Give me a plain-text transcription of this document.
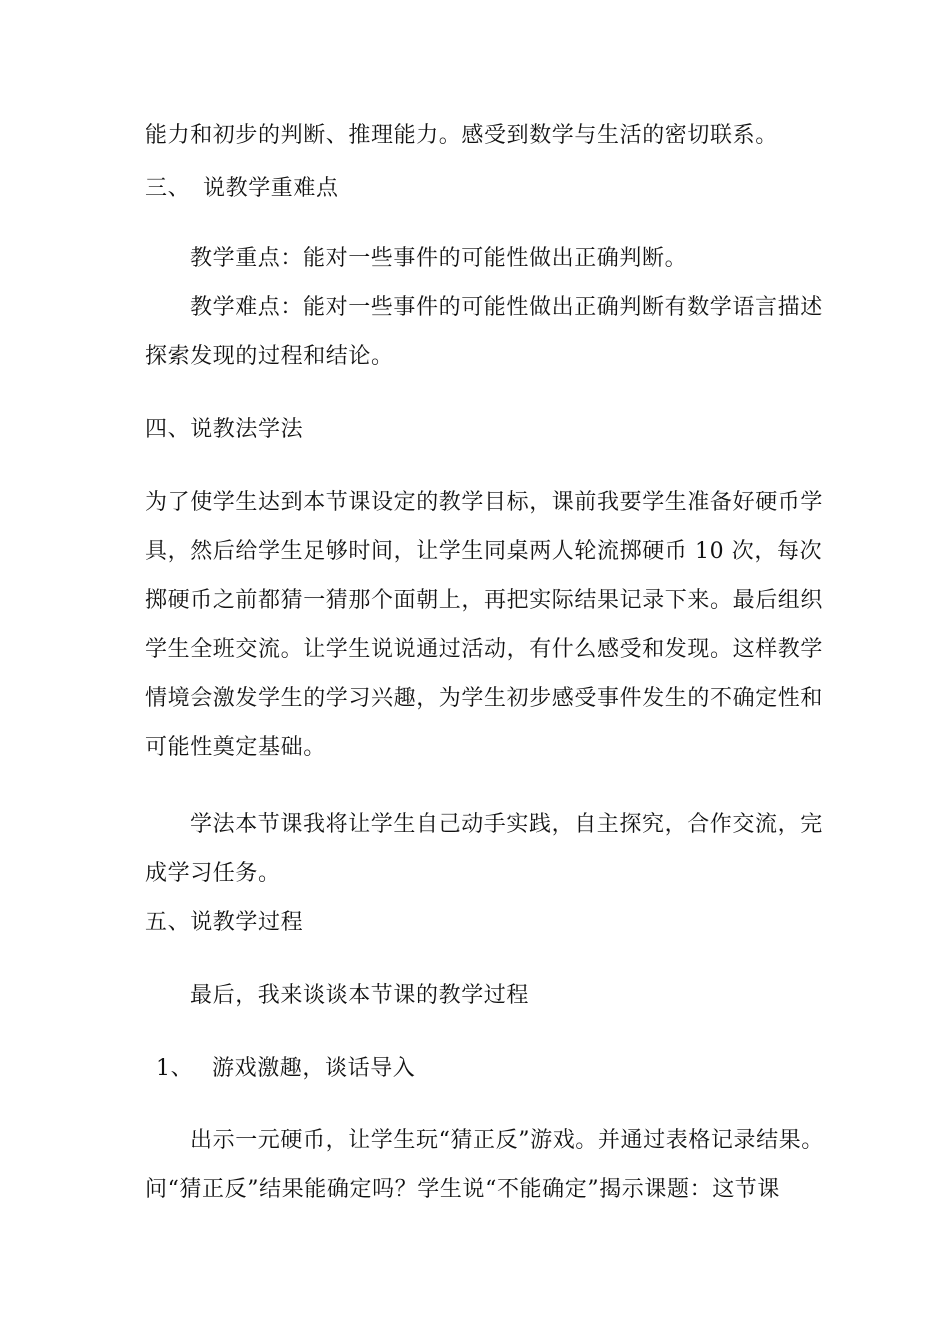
能力和初步的判断、推理能力。感受到数学与生活的密切联系。
三、 说教学重难点
教学重点：能对一些事件的可能性做出正确判断。
教学难点：能对一些事件的可能性做出正确判断有数学语言描述
探索发现的过程和结论。
四、说教法学法
为了使学生达到本节课设定的教学目标，课前我要学生准备好硬币学
具，然后给学生足够时间，让学生同桌两人轮流掷硬币 10 次，每次
掷硬币之前都猜一猜那个面朝上，再把实际结果记录下来。最后组织
学生全班交流。让学生说说通过活动，有什么感受和发现。这样教学
情境会激发学生的学习兴趣，为学生初步感受事件发生的不确定性和
可能性奠定基础。
学法本节课我将让学生自己动手实践，自主探究，合作交流，完
成学习任务。
五、说教学过程
最后，我来谈谈本节课的教学过程
1、 游戏激趣，谈话导入
出示一元硬币，让学生玩“猜正反”游戏。并通过表格记录结果。
问“猜正反”结果能确定吗？学生说“不能确定”揭示课题：这节课
